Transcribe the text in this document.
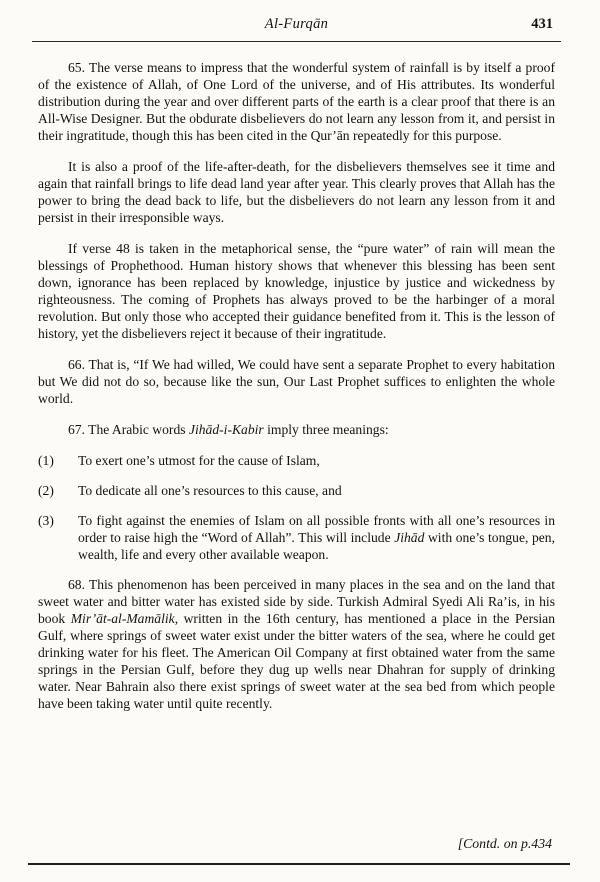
Al-Furqān	431

65. The verse means to impress that the wonderful system of rainfall is by itself a proof of the existence of Allah, of One Lord of the universe, and of His attributes. Its wonderful distribution during the year and over different parts of the earth is a clear proof that there is an All-Wise Designer. But the obdurate disbelievers do not learn any lesson from it, and persist in their ingratitude, though this has been cited in the Qur’ān repeatedly for this purpose.

It is also a proof of the life-after-death, for the disbelievers themselves see it time and again that rainfall brings to life dead land year after year. This clearly proves that Allah has the power to bring the dead back to life, but the disbelievers do not learn any lesson from it and persist in their irresponsible ways.

If verse 48 is taken in the metaphorical sense, the “pure water” of rain will mean the blessings of Prophethood. Human history shows that whenever this blessing has been sent down, ignorance has been replaced by knowledge, injustice by justice and wickedness by righteousness. The coming of Prophets has always proved to be the harbinger of a moral revolution. But only those who accepted their guidance benefited from it. This is the lesson of history, yet the disbelievers reject it because of their ingratitude.

66. That is, “If We had willed, We could have sent a separate Prophet to every habitation but We did not do so, because like the sun, Our Last Prophet suffices to enlighten the whole world.

67. The Arabic words Jihād-i-Kabir imply three meanings:

(1)	To exert one’s utmost for the cause of Islam,
(2)	To dedicate all one’s resources to this cause, and
(3)	To fight against the enemies of Islam on all possible fronts with all one’s resources in order to raise high the “Word of Allah”. This will include Jihād with one’s tongue, pen, wealth, life and every other available weapon.

68. This phenomenon has been perceived in many places in the sea and on the land that sweet water and bitter water has existed side by side. Turkish Admiral Syedi Ali Ra’is, in his book Mir’āt-al-Mamālik, written in the 16th century, has mentioned a place in the Persian Gulf, where springs of sweet water exist under the bitter waters of the sea, where he could get drinking water for his fleet. The American Oil Company at first obtained water from the same springs in the Persian Gulf, before they dug up wells near Dhahran for supply of drinking water. Near Bahrain also there exist springs of sweet water at the sea bed from which people have been taking water until quite recently.

[Contd. on p.434
